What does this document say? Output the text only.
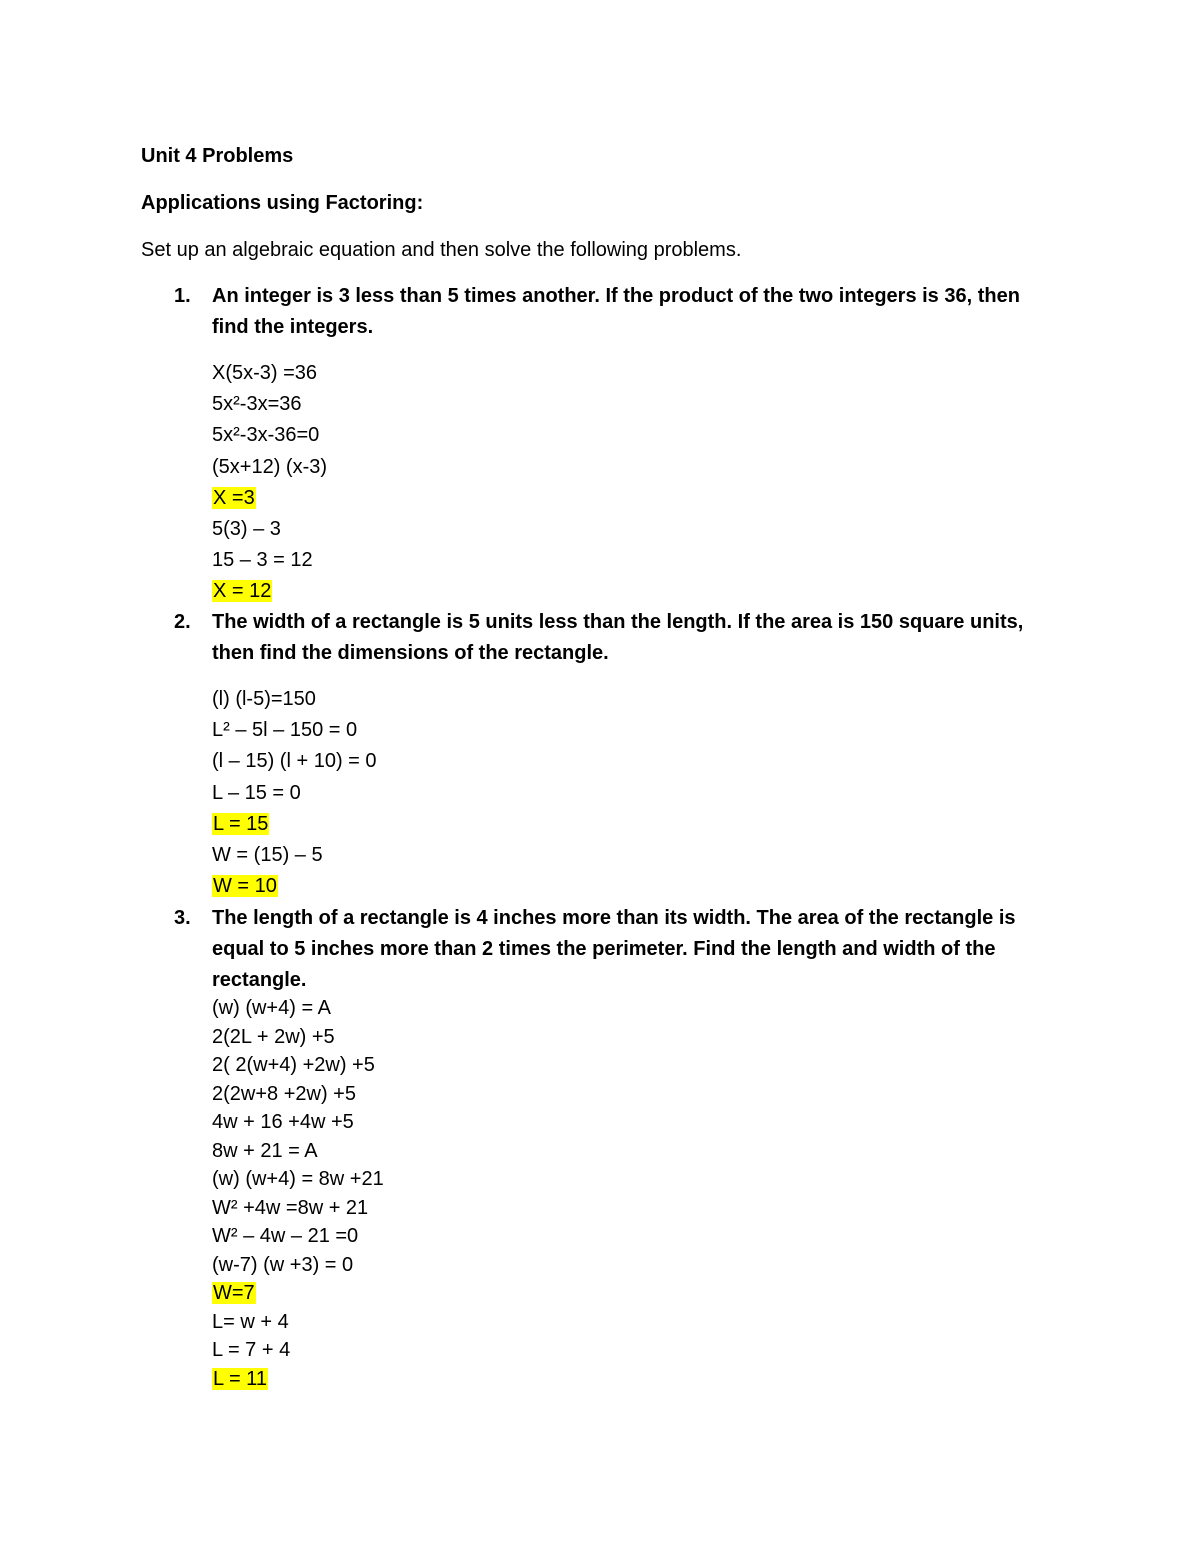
Unit 4 Problems
Applications using Factoring:
Set up an algebraic equation and then solve the following problems.
1. An integer is 3 less than 5 times another. If the product of the two integers is 36, then find the integers.
X(5x-3) =36
5x²-3x=36
5x²-3x-36=0
(5x+12) (x-3)
X =3
5(3) – 3
15 – 3 = 12
X = 12
2. The width of a rectangle is 5 units less than the length. If the area is 150 square units, then find the dimensions of the rectangle.
(l) (l-5)=150
L² – 5l – 150 = 0
(l – 15) (l + 10) = 0
L – 15 = 0
L = 15
W = (15) – 5
W = 10
3. The length of a rectangle is 4 inches more than its width. The area of the rectangle is equal to 5 inches more than 2 times the perimeter. Find the length and width of the rectangle.
(w) (w+4) = A
2(2L + 2w) +5
2( 2(w+4) +2w) +5
2(2w+8 +2w) +5
4w + 16 +4w +5
8w + 21 = A
(w) (w+4) = 8w +21
W² +4w =8w + 21
W² – 4w – 21 =0
(w-7) (w +3) = 0
W=7
L= w + 4
L = 7 + 4
L = 11
